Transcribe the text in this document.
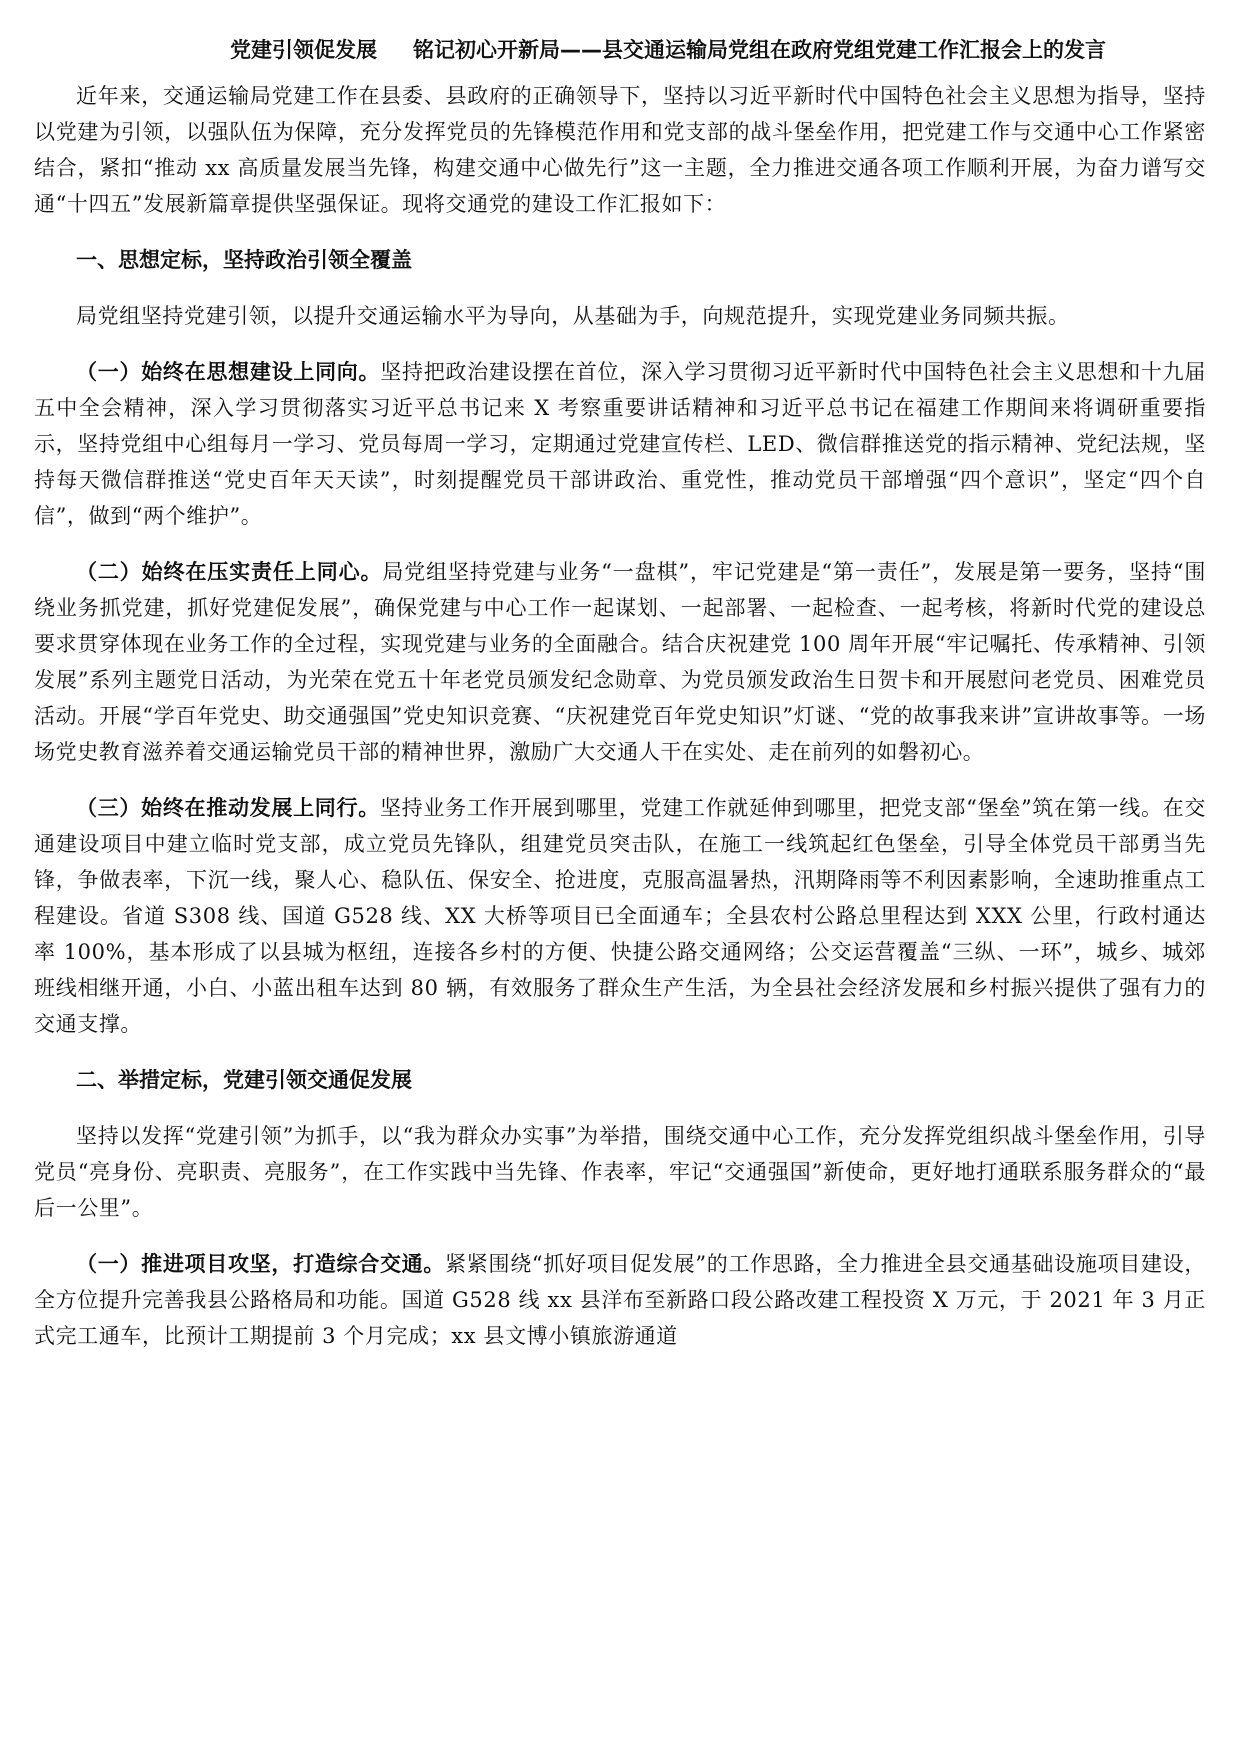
党建引领促发展 铭记初心开新局——县交通运输局党组在政府党组党建工作汇报会上的发言

近年来，交通运输局党建工作在县委、县政府的正确领导下，坚持以习近平新时代中国特色社会主义思想为指导，坚持以党建为引领，以强队伍为保障，充分发挥党员的先锋模范作用和党支部的战斗堡垒作用，把党建工作与交通中心工作紧密结合，紧扣“推动 xx 高质量发展当先锋，构建交通中心做先行”这一主题，全力推进交通各项工作顺利开展，为奋力谱写交通“十四五”发展新篇章提供坚强保证。现将交通党的建设工作汇报如下：

一、思想定标，坚持政治引领全覆盖

局党组坚持党建引领，以提升交通运输水平为导向，从基础为手，向规范提升，实现党建业务同频共振。

（一）始终在思想建设上同向。坚持把政治建设摆在首位，深入学习贯彻习近平新时代中国特色社会主义思想和十九届五中全会精神，深入学习贯彻落实习近平总书记来 X 考察重要讲话精神和习近平总书记在福建工作期间来将调研重要指示，坚持党组中心组每月一学习、党员每周一学习，定期通过党建宣传栏、LED、微信群推送党的指示精神、党纪法规，坚持每天微信群推送“党史百年天天读”，时刻提醒党员干部讲政治、重党性，推动党员干部增强“四个意识”，坚定“四个自信”，做到“两个维护”。

（二）始终在压实责任上同心。局党组坚持党建与业务“一盘棋”，牢记党建是“第一责任”，发展是第一要务，坚持“围绕业务抓党建，抓好党建促发展”，确保党建与中心工作一起谋划、一起部署、一起检查、一起考核，将新时代党的建设总要求贯穿体现在业务工作的全过程，实现党建与业务的全面融合。结合庆祝建党 100 周年开展“牢记嘱托、传承精神、引领发展”系列主题党日活动，为光荣在党五十年老党员颁发纪念勋章、为党员颁发政治生日贺卡和开展慰问老党员、困难党员活动。开展“学百年党史、助交通强国”党史知识竞赛、“庆祝建党百年党史知识”灯谜、“党的故事我来讲”宣讲故事等。一场场党史教育滋养着交通运输党员干部的精神世界，激励广大交通人干在实处、走在前列的如磐初心。

（三）始终在推动发展上同行。坚持业务工作开展到哪里，党建工作就延伸到哪里，把党支部“堡垒”筑在第一线。在交通建设项目中建立临时党支部，成立党员先锋队，组建党员突击队，在施工一线筑起红色堡垒，引导全体党员干部勇当先锋，争做表率，下沉一线，聚人心、稳队伍、保安全、抢进度，克服高温暑热，汛期降雨等不利因素影响，全速助推重点工程建设。省道 S308 线、国道 G528 线、XX 大桥等项目已全面通车；全县农村公路总里程达到 XXX 公里，行政村通达率 100%，基本形成了以县城为枢纽，连接各乡村的方便、快捷公路交通网络；公交运营覆盖“三纵、一环”，城乡、城郊班线相继开通，小白、小蓝出租车达到 80 辆，有效服务了群众生产生活，为全县社会经济发展和乡村振兴提供了强有力的交通支撑。

二、举措定标，党建引领交通促发展

坚持以发挥“党建引领”为抓手，以“我为群众办实事”为举措，围绕交通中心工作，充分发挥党组织战斗堡垒作用，引导党员“亮身份、亮职责、亮服务”，在工作实践中当先锋、作表率，牢记“交通强国”新使命，更好地打通联系服务群众的“最后一公里”。

（一）推进项目攻坚，打造综合交通。紧紧围绕“抓好项目促发展”的工作思路，全力推进全县交通基础设施项目建设，全方位提升完善我县公路格局和功能。国道 G528 线 xx 县洋布至新路口段公路改建工程投资 X 万元，于 2021 年 3 月正式完工通车，比预计工期提前 3 个月完成；xx 县文博小镇旅游通道
